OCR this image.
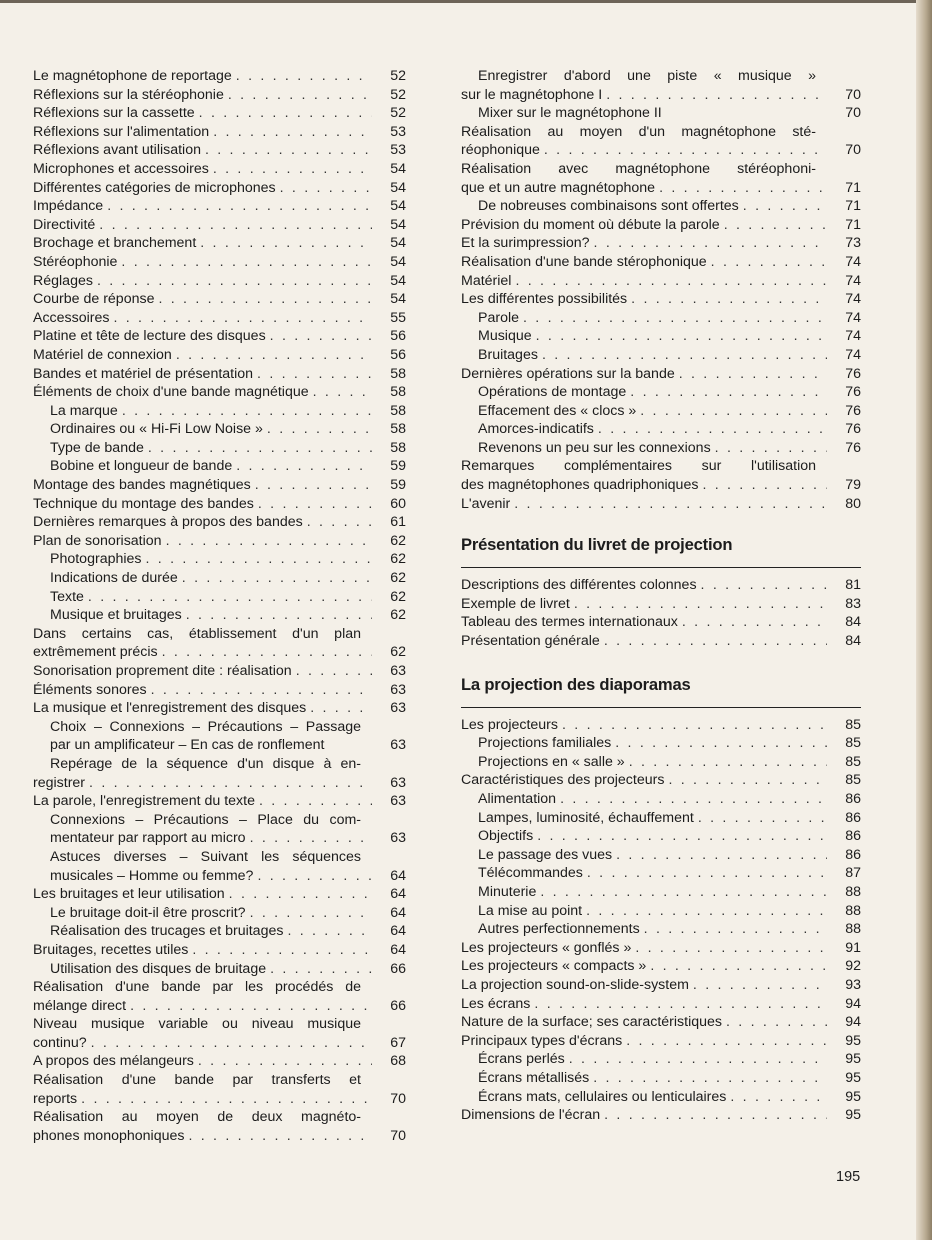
Le magnétophone de reportage . . .	52
Réflexions sur la stéréophonie . . .	52
Réflexions sur la cassette . . .	52
Réflexions sur l'alimentation . . .	53
Réflexions avant utilisation . . .	53
Microphones et accessoires . . .	54
Différentes catégories de microphones . . .	54
Impédance . . .	54
Directivité . . .	54
Brochage et branchement . . .	54
Stéréophonie . . .	54
Réglages . . .	54
Courbe de réponse . . .	54
Accessoires . . .	55
Platine et tête de lecture des disques . . .	56
Matériel de connexion . . .	56
Bandes et matériel de présentation . . .	58
Éléments de choix d'une bande magnétique . . .	58
La marque . . .	58
Ordinaires ou « Hi-Fi Low Noise » . . .	58
Type de bande . . .	58
Bobine et longueur de bande . . .	59
Montage des bandes magnétiques . . .	59
Technique du montage des bandes . . .	60
Dernières remarques à propos des bandes . . .	61
Plan de sonorisation . . .	62
Photographies . . .	62
Indications de durée . . .	62
Texte . . .	62
Musique et bruitages . . .	62
Dans certains cas, établissement d'un plan
extrêmement précis . . .	62
Sonorisation proprement dite : réalisation . . .	63
Éléments sonores . . .	63
La musique et l'enregistrement des disques . . .	63
Choix – Connexions – Précautions – Passage
par un amplificateur – En cas de ronflement	63
Repérage de la séquence d'un disque à en-
registrer . . .	63
La parole, l'enregistrement du texte . . .	63
Connexions – Précautions – Place du com-
mentateur par rapport au micro . . .	63
Astuces diverses – Suivant les séquences
musicales – Homme ou femme? . . .	64
Les bruitages et leur utilisation . . .	64
Le bruitage doit-il être proscrit? . . .	64
Réalisation des trucages et bruitages . . .	64
Bruitages, recettes utiles . . .	64
Utilisation des disques de bruitage . . .	66
Réalisation d'une bande par les procédés de
mélange direct . . .	66
Niveau musique variable ou niveau musique
continu? . . .	67
A propos des mélangeurs . . .	68
Réalisation d'une bande par transferts et
reports . . .	70
Réalisation au moyen de deux magnéto-
phones monophoniques . . .	70
Enregistrer d'abord une piste « musique »
sur le magnétophone I . . .	70
Mixer sur le magnétophone II	70
Réalisation au moyen d'un magnétophone sté-
réophonique . . .	70
Réalisation avec magnétophone stéréophoni-
que et un autre magnétophone . . .	71
De nobreuses combinaisons sont offertes . . .	71
Prévision du moment où débute la parole . . .	71
Et la surimpression? . . .	73
Réalisation d'une bande stérophonique . . .	74
Matériel . . .	74
Les différentes possibilités . . .	74
Parole . . .	74
Musique . . .	74
Bruitages . . .	74
Dernières opérations sur la bande . . .	76
Opérations de montage . . .	76
Effacement des « clocs » . . .	76
Amorces-indicatifs . . .	76
Revenons un peu sur les connexions . . .	76
Remarques complémentaires sur l'utilisation
des magnétophones quadriphoniques . . .	79
L'avenir . . .	80
Présentation du livret de projection
Descriptions des différentes colonnes . . .	81
Exemple de livret . . .	83
Tableau des termes internationaux . . .	84
Présentation générale . . .	84
La projection des diaporamas
Les projecteurs . . .	85
Projections familiales . . .	85
Projections en « salle » . . .	85
Caractéristiques des projecteurs . . .	85
Alimentation . . .	86
Lampes, luminosité, échauffement . . .	86
Objectifs . . .	86
Le passage des vues . . .	86
Télécommandes . . .	87
Minuterie . . .	88
La mise au point . . .	88
Autres perfectionnements . . .	88
Les projecteurs « gonflés » . . .	91
Les projecteurs « compacts » . . .	92
La projection sound-on-slide-system . . .	93
Les écrans . . .	94
Nature de la surface; ses caractéristiques . . .	94
Principaux types d'écrans . . .	95
Écrans perlés . . .	95
Écrans métallisés . . .	95
Écrans mats, cellulaires ou lenticulaires . . .	95
Dimensions de l'écran . . .	95
195
